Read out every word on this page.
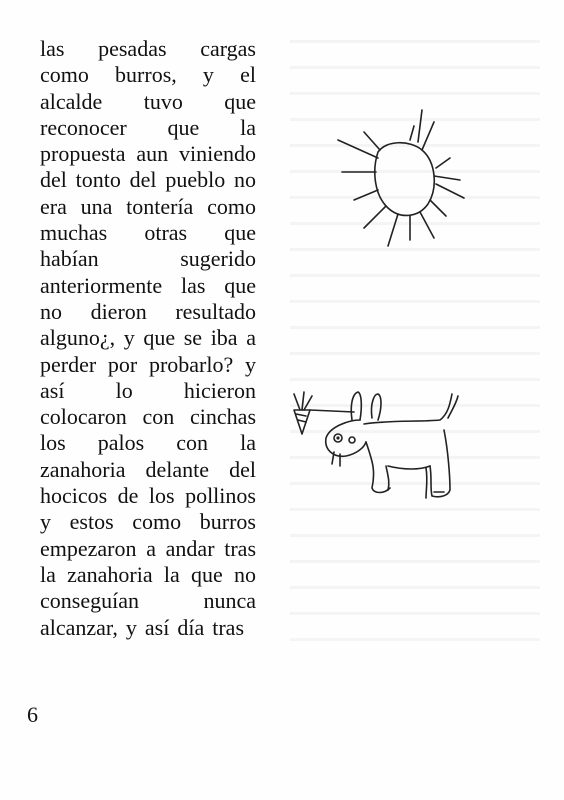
las pesadas cargas
como burros, y el
alcalde tuvo que
reconocer que la
propuesta aun viniendo
del tonto del pueblo no
era una tontería como
muchas otras que
habían	sugerido
anteriormente las que
no dieron resultado
alguno¿, y que se iba a
perder por probarlo? y
así lo hicieron
colocaron con cinchas
los palos con la
zanahoria delante del
hocicos de los pollinos
y estos como burros
empezaron a andar tras
la zanahoria la que no
conseguían	nunca
alcanzar, y así día tras
6
